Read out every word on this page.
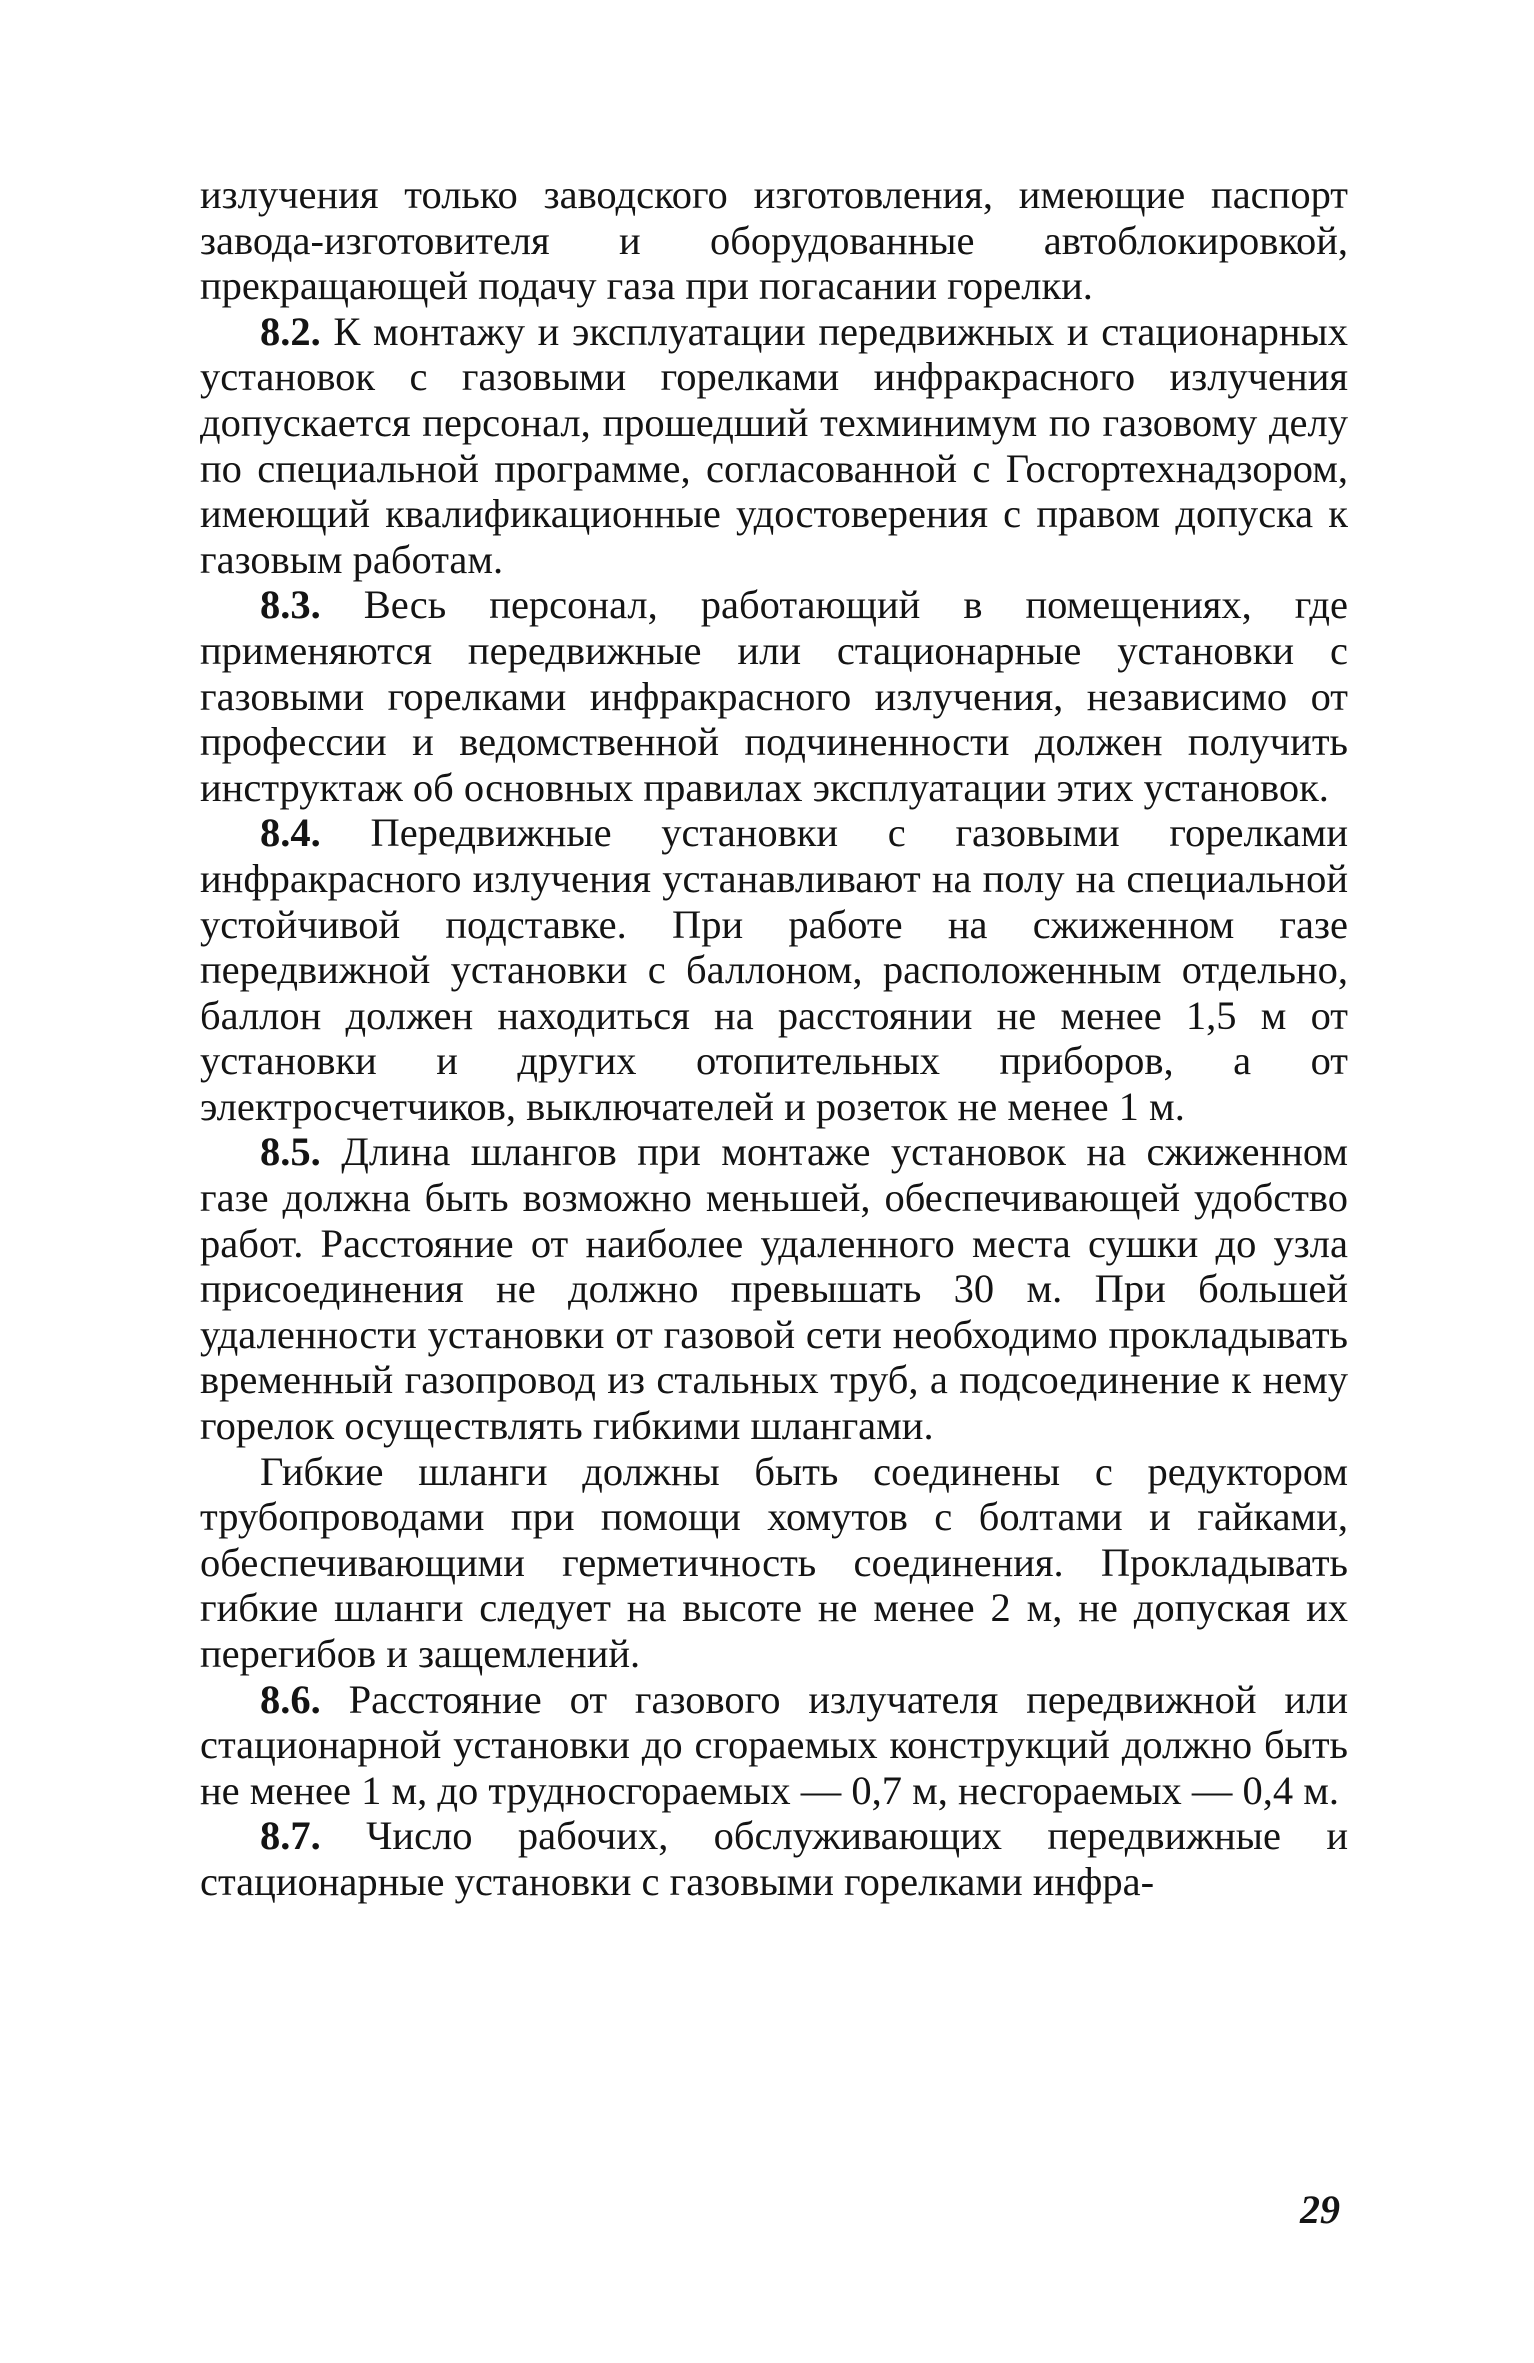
излучения только заводского изготовления, имеющие паспорт завода-изготовителя и оборудованные автоблокировкой, прекращающей подачу газа при погасании горелки.

8.2. К монтажу и эксплуатации передвижных и стационарных установок с газовыми горелками инфракрасного излучения допускается персонал, прошедший техминимум по газовому делу по специальной программе, согласованной с Госгортехнадзором, имеющий квалификационные удостоверения с правом допуска к газовым работам.

8.3. Весь персонал, работающий в помещениях, где применяются передвижные или стационарные установки с газовыми горелками инфракрасного излучения, независимо от профессии и ведомственной подчиненности должен получить инструктаж об основных правилах эксплуатации этих установок.

8.4. Передвижные установки с газовыми горелками инфракрасного излучения устанавливают на полу на специальной устойчивой подставке. При работе на сжиженном газе передвижной установки с баллоном, расположенным отдельно, баллон должен находиться на расстоянии не менее 1,5 м от установки и других отопительных приборов, а от электросчетчиков, выключателей и розеток не менее 1 м.

8.5. Длина шлангов при монтаже установок на сжиженном газе должна быть возможно меньшей, обеспечивающей удобство работ. Расстояние от наиболее удаленного места сушки до узла присоединения не должно превышать 30 м. При большей удаленности установки от газовой сети необходимо прокладывать временный газопровод из стальных труб, а подсоединение к нему горелок осуществлять гибкими шлангами.

Гибкие шланги должны быть соединены с редуктором трубопроводами при помощи хомутов с болтами и гайками, обеспечивающими герметичность соединения. Прокладывать гибкие шланги следует на высоте не менее 2 м, не допуская их перегибов и защемлений.

8.6. Расстояние от газового излучателя передвижной или стационарной установки до сгораемых конструкций должно быть не менее 1 м, до трудносгораемых — 0,7 м, несгораемых — 0,4 м.

8.7. Число рабочих, обслуживающих передвижные и стационарные установки с газовыми горелками инфра-

29
